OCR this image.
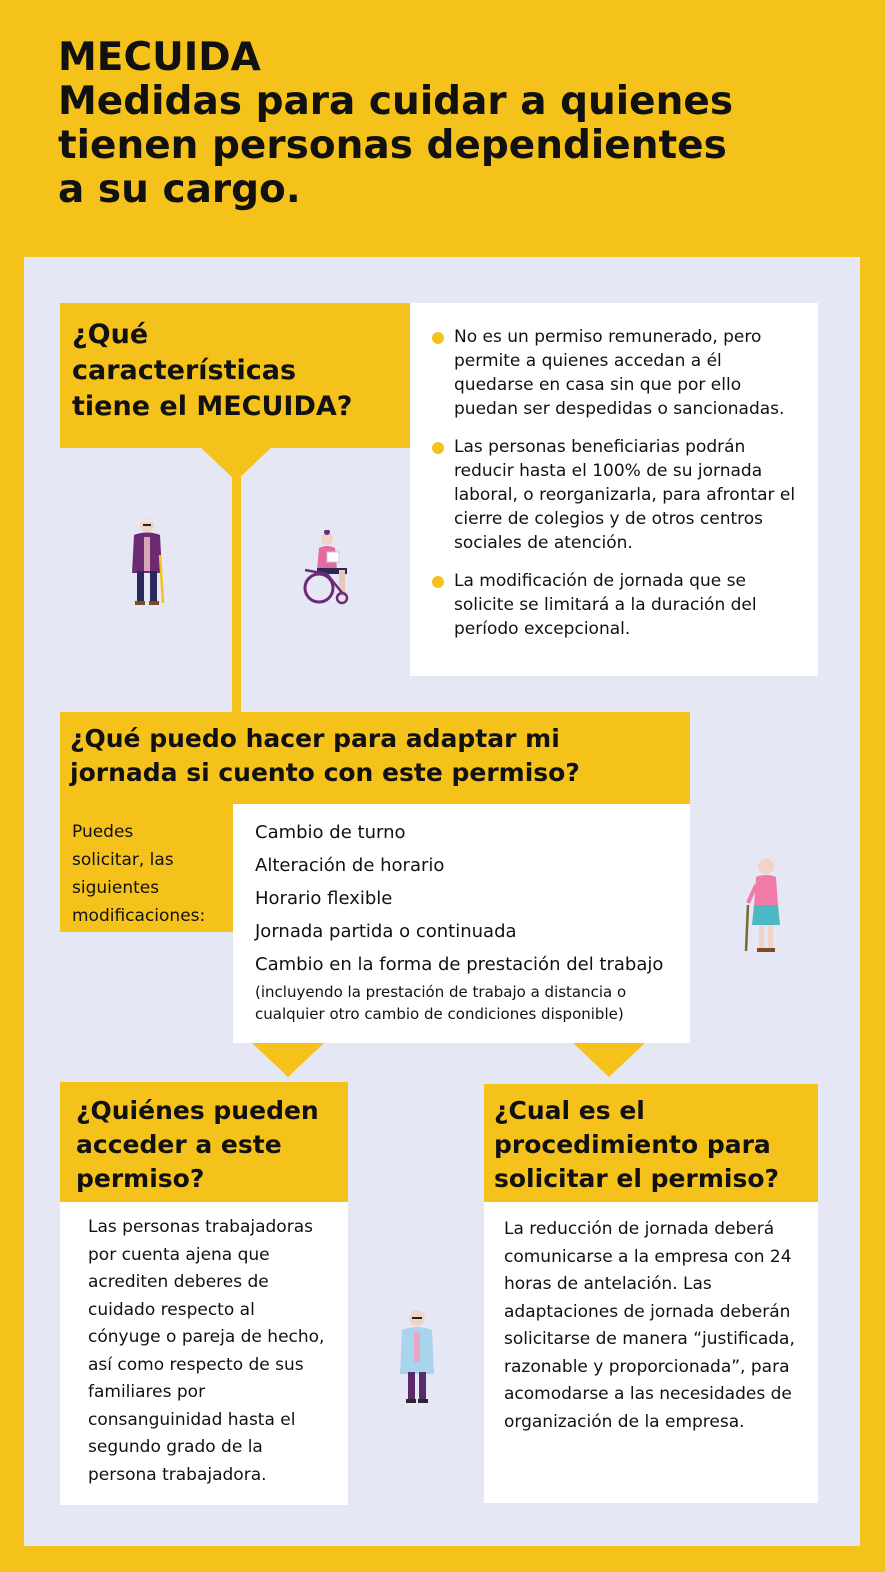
MECUIDA
Medidas para cuidar a quienes
tienen personas dependientes
a su cargo.
¿Qué
características
tiene el MECUIDA?
No es un permiso remunerado, pero permite a quienes accedan a él quedarse en casa sin que por ello puedan ser despedidas o sancionadas.
Las personas beneficiarias podrán reducir hasta el 100% de su jornada laboral, o reorganizarla, para afrontar el cierre de colegios y de otros centros sociales de atención.
La modificación de jornada que se solicite se limitará a la duración del período excepcional.
¿Qué puedo hacer para adaptar mi
jornada si cuento con este permiso?
Puedes
solicitar, las
siguientes
modificaciones:
Cambio de turno
Alteración de horario
Horario flexible
Jornada partida o continuada
Cambio en la forma de prestación del trabajo
(incluyendo la prestación de trabajo a distancia o cualquier otro cambio de condiciones disponible)
¿Quiénes pueden
acceder a este
permiso?
Las personas trabajadoras por cuenta ajena que acrediten deberes de cuidado respecto al cónyuge o pareja de hecho, así como respecto de sus familiares por consanguinidad hasta el segundo grado de la persona trabajadora.
¿Cual es el
procedimiento para
solicitar el permiso?
La reducción de jornada deberá comunicarse a la empresa con 24 horas de antelación. Las adaptaciones de jornada deberán solicitarse de manera “justificada, razonable y proporcionada”, para acomodarse a las necesidades de organización de la empresa.
